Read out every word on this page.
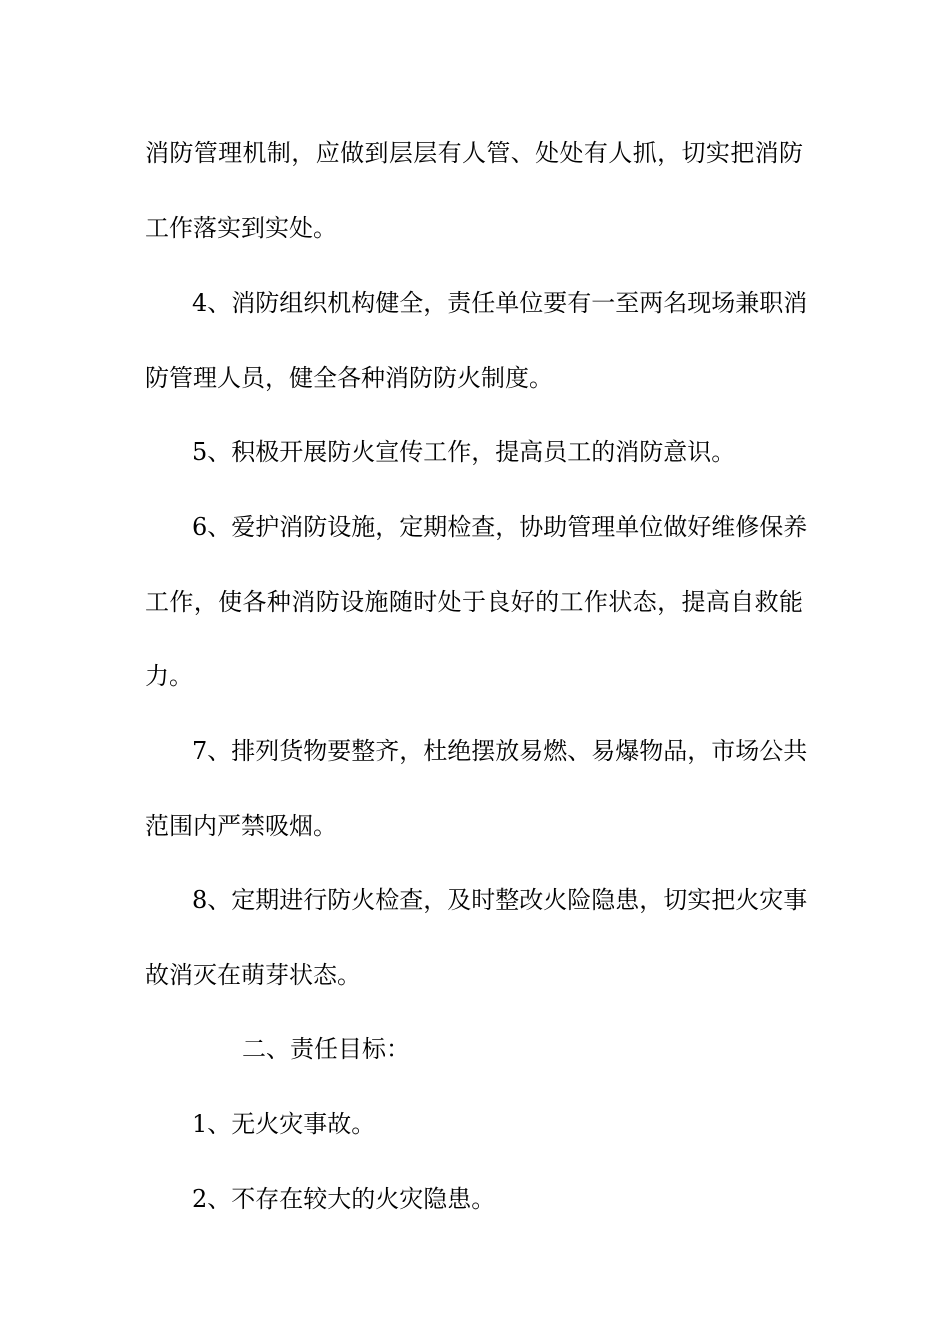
消防管理机制，应做到层层有人管、处处有人抓，切实把消防
工作落实到实处。
4、消防组织机构健全，责任单位要有一至两名现场兼职消
防管理人员，健全各种消防防火制度。
5、积极开展防火宣传工作，提高员工的消防意识。
6、爱护消防设施，定期检查，协助管理单位做好维修保养
工作，使各种消防设施随时处于良好的工作状态，提高自救能
力。
7、排列货物要整齐，杜绝摆放易燃、易爆物品，市场公共
范围内严禁吸烟。
8、定期进行防火检查，及时整改火险隐患，切实把火灾事
故消灭在萌芽状态。
二、责任目标：
1、无火灾事故。
2、不存在较大的火灾隐患。
